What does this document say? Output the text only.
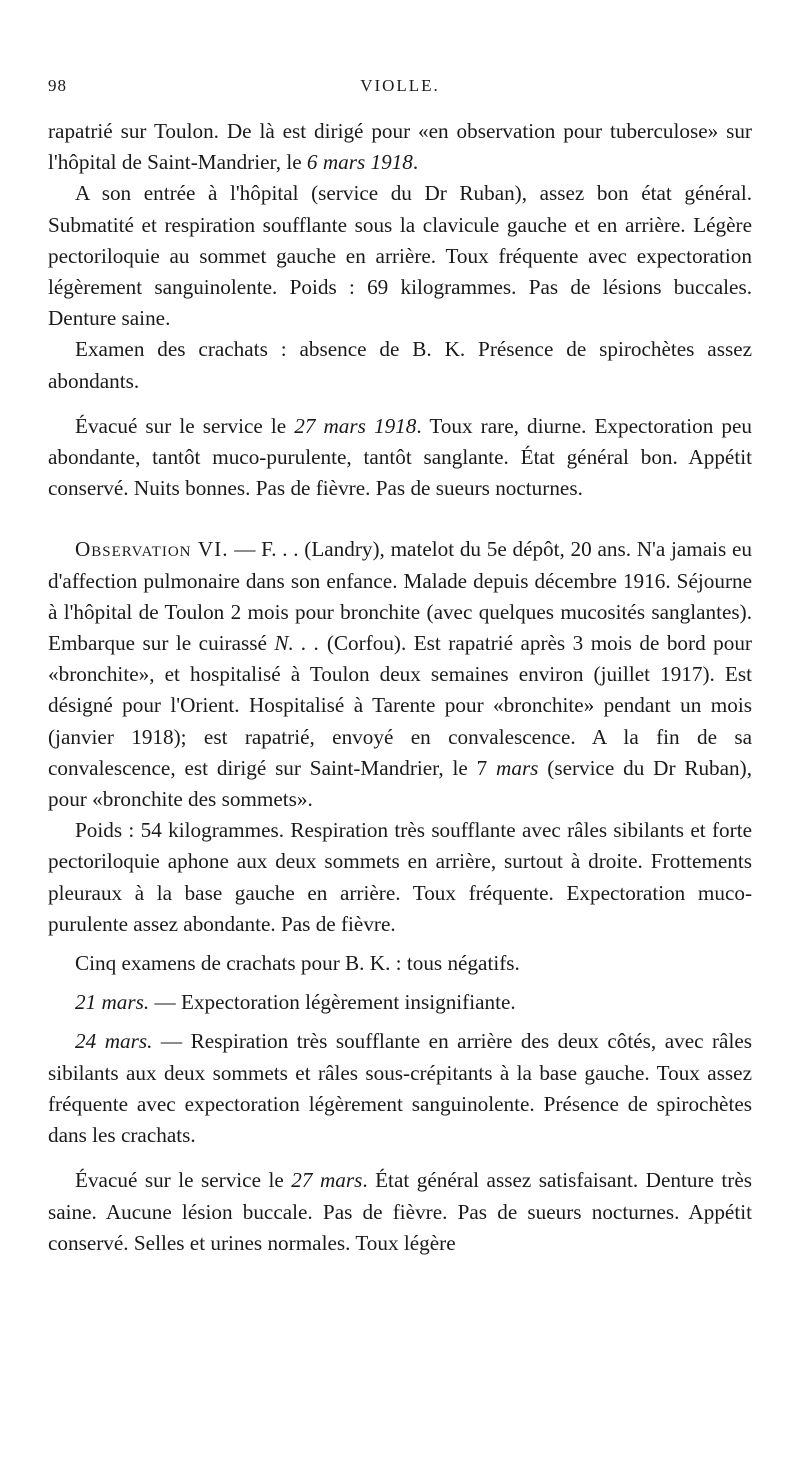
98	VIOLLE.

rapatrié sur Toulon. De là est dirigé pour «en observation pour tuberculose» sur l'hôpital de Saint-Mandrier, le 6 mars 1918.

A son entrée à l'hôpital (service du Dr Ruban), assez bon état général. Submatité et respiration soufflante sous la clavicule gauche et en arrière. Légère pectoriloquie au sommet gauche en arrière. Toux fréquente avec expectoration légèrement sanguinolente. Poids : 69 kilogrammes. Pas de lésions buccales. Denture saine.

Examen des crachats : absence de B. K. Présence de spirochètes assez abondants.

Évacué sur le service le 27 mars 1918. Toux rare, diurne. Expectoration peu abondante, tantôt muco-purulente, tantôt sanglante. État général bon. Appétit conservé. Nuits bonnes. Pas de fièvre. Pas de sueurs nocturnes.

Observation VI. — F. . . (Landry), matelot du 5e dépôt, 20 ans. N'a jamais eu d'affection pulmonaire dans son enfance. Malade depuis décembre 1916. Séjourne à l'hôpital de Toulon 2 mois pour bronchite (avec quelques mucosités sanglantes). Embarque sur le cuirassé N. . . (Corfou). Est rapatrié après 3 mois de bord pour «bronchite», et hospitalisé à Toulon deux semaines environ (juillet 1917). Est désigné pour l'Orient. Hospitalisé à Tarente pour «bronchite» pendant un mois (janvier 1918); est rapatrié, envoyé en convalescence. A la fin de sa convalescence, est dirigé sur Saint-Mandrier, le 7 mars (service du Dr Ruban), pour «bronchite des sommets».

Poids : 54 kilogrammes. Respiration très soufflante avec râles sibilants et forte pectoriloquie aphone aux deux sommets en arrière, surtout à droite. Frottements pleuraux à la base gauche en arrière. Toux fréquente. Expectoration muco-purulente assez abondante. Pas de fièvre.

Cinq examens de crachats pour B. K. : tous négatifs.

21 mars. — Expectoration légèrement insignifiante.

24 mars. — Respiration très soufflante en arrière des deux côtés, avec râles sibilants aux deux sommets et râles sous-crépitants à la base gauche. Toux assez fréquente avec expectoration légèrement sanguinolente. Présence de spirochètes dans les crachats.

Évacué sur le service le 27 mars. État général assez satisfaisant. Denture très saine. Aucune lésion buccale. Pas de fièvre. Pas de sueurs nocturnes. Appétit conservé. Selles et urines normales. Toux légère
